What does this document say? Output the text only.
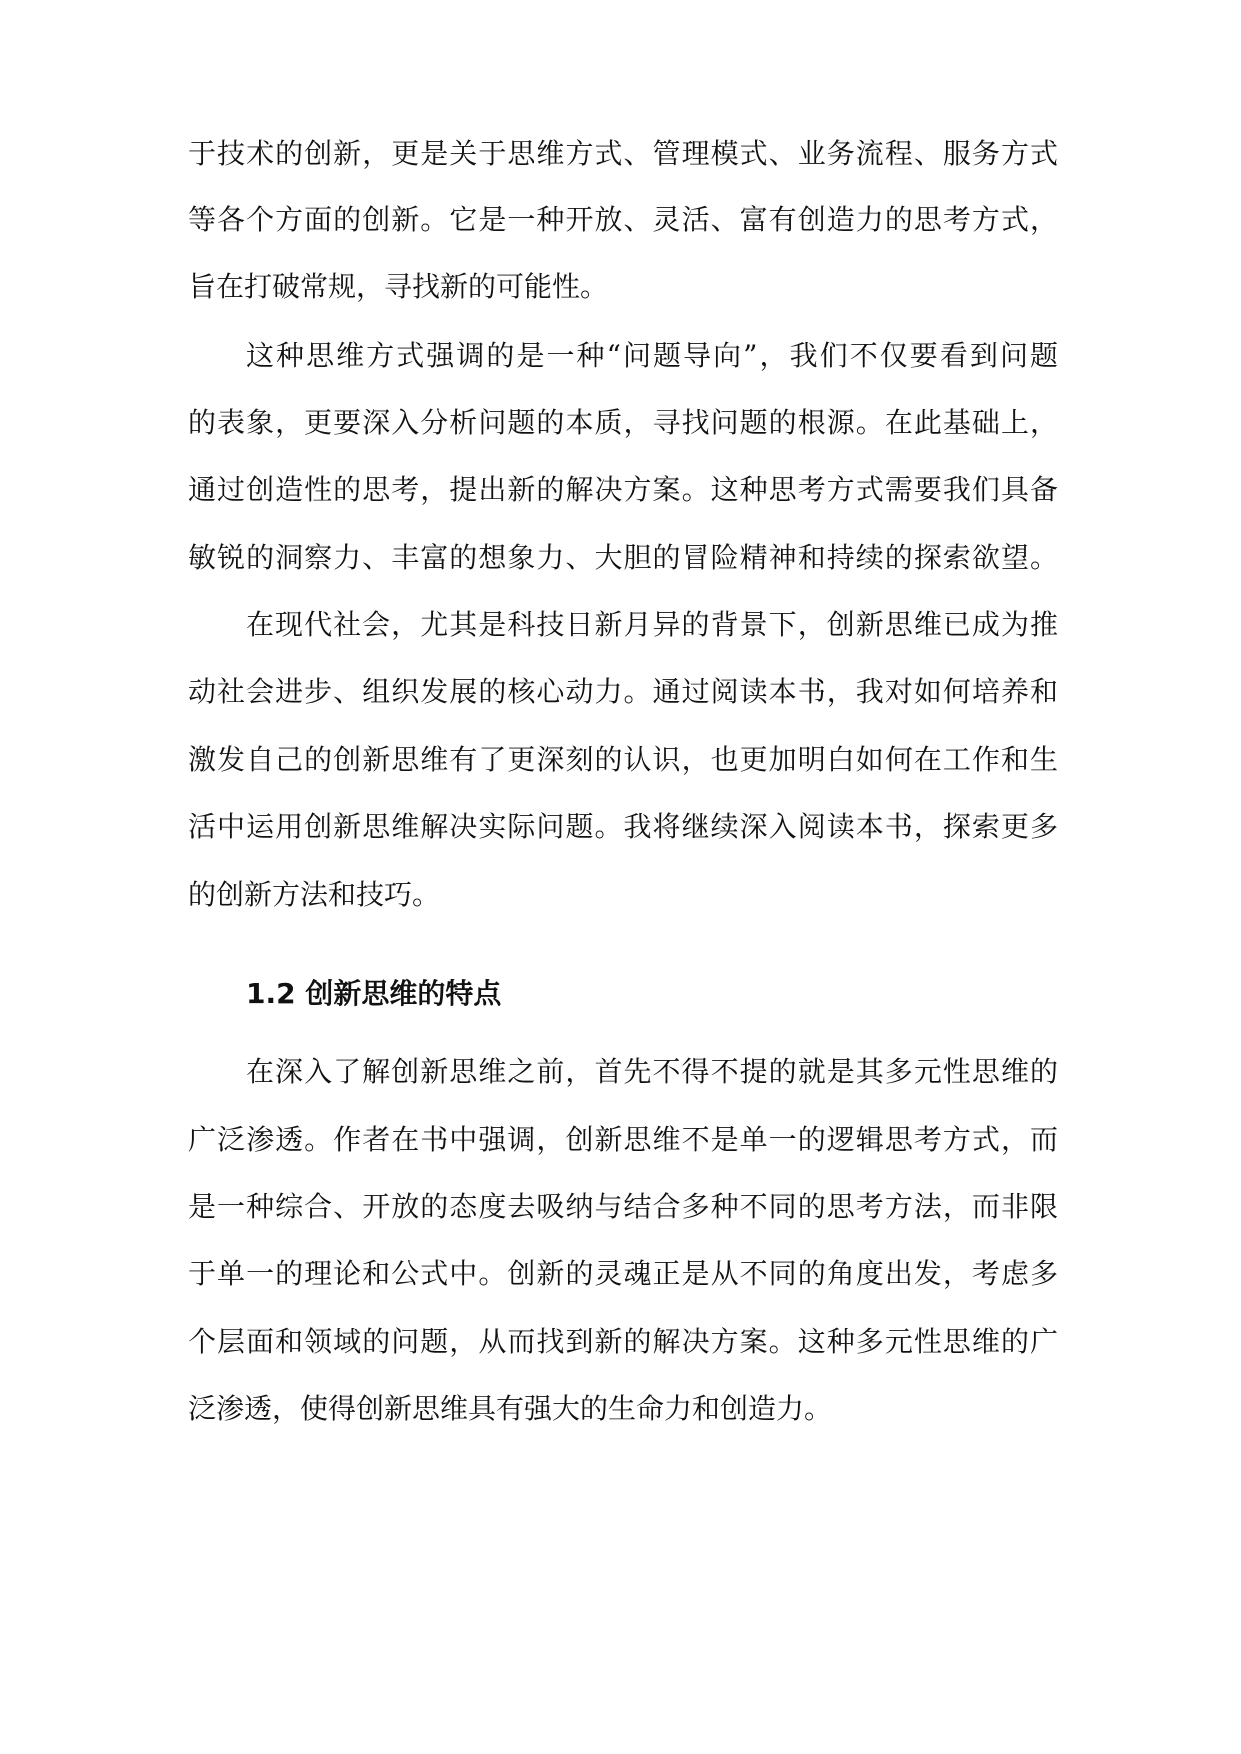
于技术的创新，更是关于思维方式、管理模式、业务流程、服务方式
等各个方面的创新。它是一种开放、灵活、富有创造力的思考方式，
旨在打破常规，寻找新的可能性。
这种思维方式强调的是一种“问题导向”，我们不仅要看到问题
的表象，更要深入分析问题的本质，寻找问题的根源。在此基础上，
通过创造性的思考，提出新的解决方案。这种思考方式需要我们具备
敏锐的洞察力、丰富的想象力、大胆的冒险精神和持续的探索欲望。
在现代社会，尤其是科技日新月异的背景下，创新思维已成为推
动社会进步、组织发展的核心动力。通过阅读本书，我对如何培养和
激发自己的创新思维有了更深刻的认识，也更加明白如何在工作和生
活中运用创新思维解决实际问题。我将继续深入阅读本书，探索更多
的创新方法和技巧。
1.2 创新思维的特点
在深入了解创新思维之前，首先不得不提的就是其多元性思维的
广泛渗透。作者在书中强调，创新思维不是单一的逻辑思考方式，而
是一种综合、开放的态度去吸纳与结合多种不同的思考方法，而非限
于单一的理论和公式中。创新的灵魂正是从不同的角度出发，考虑多
个层面和领域的问题，从而找到新的解决方案。这种多元性思维的广
泛渗透，使得创新思维具有强大的生命力和创造力。
